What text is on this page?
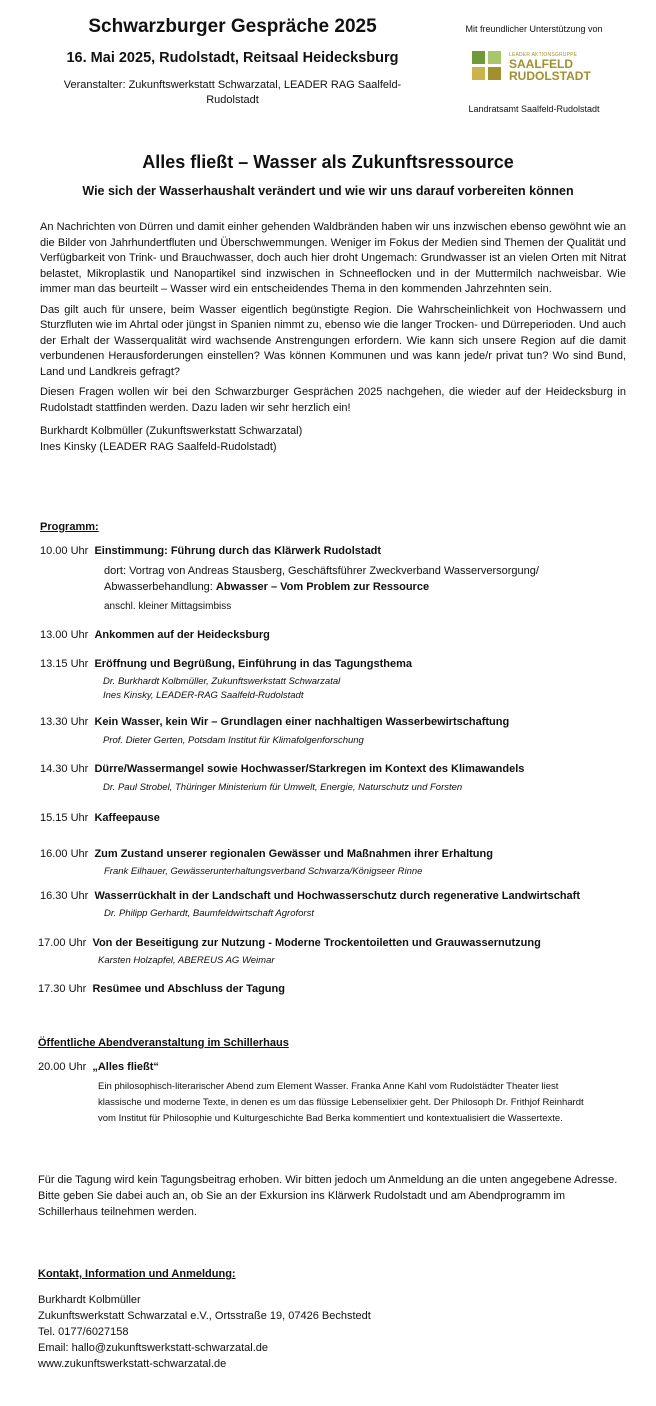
Schwarzburger Gespräche 2025
16. Mai 2025, Rudolstadt, Reitsaal Heidecksburg
Veranstalter: Zukunftswerkstatt Schwarzatal, LEADER RAG Saalfeld-Rudolstadt
Mit freundlicher Unterstützung von
LEADER AKTIONSGRUPPE
SAALFELD
RUDOLSTADT
Landratsamt Saalfeld-Rudolstadt
Alles fließt – Wasser als Zukunftsressource
Wie sich der Wasserhaushalt verändert und wie wir uns darauf vorbereiten können

An Nachrichten von Dürren und damit einher gehenden Waldbränden haben wir uns inzwischen ebenso gewöhnt wie an die Bilder von Jahrhundertfluten und Überschwemmungen. Weniger im Fokus der Medien sind Themen der Qualität und Verfügbarkeit von Trink- und Brauchwasser, doch auch hier droht Ungemach: Grundwasser ist an vielen Orten mit Nitrat belastet, Mikroplastik und Nanopartikel sind inzwischen in Schneeflocken und in der Muttermilch nachweisbar. Wie immer man das beurteilt – Wasser wird ein entscheidendes Thema in den kommenden Jahrzehnten sein.

Das gilt auch für unsere, beim Wasser eigentlich begünstigte Region. Die Wahrscheinlichkeit von Hochwassern und Sturzfluten wie im Ahrtal oder jüngst in Spanien nimmt zu, ebenso wie die langer Trocken- und Dürreperioden. Und auch der Erhalt der Wasserqualität wird wachsende Anstrengungen erfordern. Wie kann sich unsere Region auf die damit verbundenen Herausforderungen einstellen? Was können Kommunen und was kann jede/r privat tun? Wo sind Bund, Land und Landkreis gefragt?

Diesen Fragen wollen wir bei den Schwarzburger Gesprächen 2025 nachgehen, die wieder auf der Heidecksburg in Rudolstadt stattfinden werden. Dazu laden wir sehr herzlich ein!

Burkhardt Kolbmüller (Zukunftswerkstatt Schwarzatal)
Ines Kinsky (LEADER RAG Saalfeld-Rudolstadt)
Programm:
10.00 Uhr Einstimmung: Führung durch das Klärwerk Rudolstadt
dort: Vortrag von Andreas Stausberg, Geschäftsführer Zweckverband Wasserversorgung/
Abwasserbehandlung: Abwasser – Vom Problem zur Ressource
anschl. kleiner Mittagsimbiss
13.00 Uhr Ankommen auf der Heidecksburg
13.15 Uhr Eröffnung und Begrüßung, Einführung in das Tagungsthema
Dr. Burkhardt Kolbmüller, Zukunftswerkstatt Schwarzatal
Ines Kinsky, LEADER-RAG Saalfeld-Rudolstadt
13.30 Uhr Kein Wasser, kein Wir – Grundlagen einer nachhaltigen Wasserbewirtschaftung
Prof. Dieter Gerten, Potsdam Institut für Klimafolgenforschung
14.30 Uhr Dürre/Wassermangel sowie Hochwasser/Starkregen im Kontext des Klimawandels
Dr. Paul Strobel, Thüringer Ministerium für Umwelt, Energie, Naturschutz und Forsten
15.15 Uhr Kaffeepause
16.00 Uhr Zum Zustand unserer regionalen Gewässer und Maßnahmen ihrer Erhaltung
Frank Eilhauer, Gewässerunterhaltungsverband Schwarza/Königseer Rinne
16.30 Uhr Wasserrückhalt in der Landschaft und Hochwasserschutz durch regenerative Landwirtschaft
Dr. Philipp Gerhardt, Baumfeldwirtschaft Agroforst
17.00 Uhr Von der Beseitigung zur Nutzung - Moderne Trockentoiletten und Grauwassernutzung
Karsten Holzapfel, ABEREUS AG Weimar
17.30 Uhr Resümee und Abschluss der Tagung
Öffentliche Abendveranstaltung im Schillerhaus
20.00 Uhr „Alles fließt“
Ein philosophisch-literarischer Abend zum Element Wasser. Franka Anne Kahl vom Rudolstädter Theater liest klassische und moderne Texte, in denen es um das flüssige Lebenselixier geht. Der Philosoph Dr. Frithjof Reinhardt vom Institut für Philosophie und Kulturgeschichte Bad Berka kommentiert und kontextualisiert die Wassertexte.
Für die Tagung wird kein Tagungsbeitrag erhoben. Wir bitten jedoch um Anmeldung an die unten angegebene Adresse. Bitte geben Sie dabei auch an, ob Sie an der Exkursion ins Klärwerk Rudolstadt und am Abendprogramm im Schillerhaus teilnehmen werden.
Kontakt, Information und Anmeldung:
Burkhardt Kolbmüller
Zukunftswerkstatt Schwarzatal e.V., Ortsstraße 19, 07426 Bechstedt
Tel. 0177/6027158
Email: hallo@zukunftswerkstatt-schwarzatal.de
www.zukunftswerkstatt-schwarzatal.de
